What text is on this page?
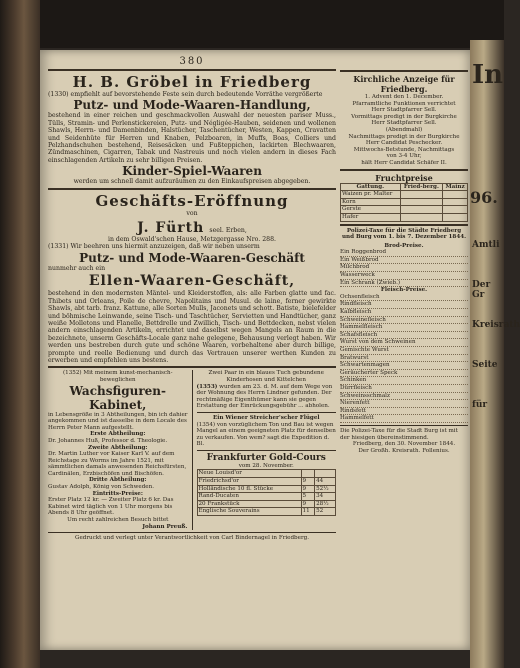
380
H. B. Gröbel in Friedberg
(1330) empfiehlt auf bevorstehende Feste sein durch bedeutende Vorräthe vergrößerte
Putz- und Mode-Waaren-Handlung,
bestehend in einer reichen und geschmackvollen Auswahl der neuesten pariser Muss., Tülls, Stramin- und Perlenstickereien, Putz- und Négligée-Hauben, seidenen und wollenen Shawls, Herrn- und Damenbinden, Halstücher, Taschentücher, Westen, Kappen, Cravatten und Seidenhüte für Herren und Knaben, Pelzboaren, in Muffs, Boas, Colliers und Pelzhandschuhen bestehend, Reisesäcken und Fußteppichen, lackirten Blechwaaren, Zündmaschinen, Cigarren, Tabak und Nastreuis und noch vielen andern in dieses Fach einschlagenden Artikeln zu sehr billigen Preisen.
Kinder-Spiel-Waaren
werden um schnell damit aufzuräumen zu den Einkaufspreisen abgegeben.
Geschäfts-Eröffnung
von
J. Fürth seel. Erben,
in dem Oswald'schen Hause, Metzgergasse Nro. 288.
(1331) Wir beehren uns hiermit anzuzeigen, daß wir neben unserm
Putz- und Mode-Waaren-Geschäft
nunmehr auch ein
Ellen-Waaren-Geschäft,
bestehend in den modernsten Mäntel- und Kleiderstoffen, als: alle Farben glatte und fac. Thibets und Orleans, Poile de chevre, Napolitains und Musul. de laine, ferner gewirkte Shawls, abt tarb. franz. Kattune, alle Sorten Mulls, Jaconets und schott. Batiste, bielefelder und böhmische Leinwande, seine Tisch- und Taschtücher, Servietten und Handtücher, ganz weiße Molletons und Flanelle, Bettdrelle und Zwillich, Tisch- und Bettdecken, nebst vielen andern einschlagenden Artikeln, errichtet und daselbst wegen Mangels an Raum in die bezeichnete, unserm Geschäfts-Locale ganz nahe gelegene, Behausung verlegt haben. Wir werden uns bestreben durch gute und schöne Waaren, vorbehaltene aber durch billige, prompte und reelle Bedienung und durch das Vertrauen unserer werthen Kunden zu erwerben und empfehlen uns bestens.
(1352) Mit meinem kunst-mechanisch-beweglichen
Wachsfiguren-Kabinet,
in Lebensgröße in 3 Abtheilungen, bin ich dahier angekommen und ist dasselbe in dem Locale des Herrn Peter Mann aufgestellt.
Erste Abtheilung:
Dr. Johannes Huß, Professor d. Theologie.
Zweite Abtheilung:
Dr. Martin Luther vor Kaiser Karl V. auf dem Reichstage zu Worms im Jahre 1521, mit sämmtlichen damals anwesenden Reichsfürsten, Cardinälen, Erzbischöfen und Bischöfen.
Dritte Abtheilung:
Gustav Adolph, König von Schweden.
Eintritts-Preise:
Erster Platz 12 kr. — Zweiter Platz 6 kr. Das Kabinet wird täglich von 1 Uhr morgens bis Abends 8 Uhr geöffnet.
Um recht zahlreichen Besuch bittet
Johann Preuß.
Zwei Paar in ein blaues Tuch gebundene Kinderhosen und Kittelchen
(1353) wurden am 23. d. M. auf dem Wege von der Wohnung des Herrn Lindner gefunden. Der rechtmäßige Eigenthümer kann sie gegen Erstattung der Einrückungsgebühr ... abholen.
Ein Wiener Streicher'scher Flügel
(1354) von vorzüglichem Ton und Bau ist wegen Mangel an einem geeigneten Platz für denselben zu verkaufen. Von wem? sagt die Expedition d. Bl.
Frankfurter Gold-Cours
vom 28. November.
Neue Louisd'or		
Friedrichsd'or	9	44
Holländische 10 fl. Stücke	9	52½
Rand-Ducaten	5	34
20 Frankstück	9	28½
Englische Souverains	11	52
Gedruckt und verlegt unter Verantwortlichkeit von Carl Bindernagel in Friedberg.
Kirchliche Anzeige für Friedberg.
1. Advent den 1. December.
Pfarramtliche Funktionen verrichtet
Herr Stadtpfarrer Sell.
Vormittags predigt in der Burgkirche
Herr Stadtpfarrer Sell.
(Abendmahl)
Nachmittags predigt in der Burgkirche
Herr Candidat Peschecker.
Mittwochs-Betstunde, Nachmittags
von 3-4 Uhr,
hält Herr Candidat Schäfer II.
Fruchtpreise
Gattung.	Fried-berg.	Mainz
Waizen pr. Malter		
Korn		
Gerste		
Hafer		
Polizei-Taxe für die Städte Friedberg und Burg vom 1. bis 7. Dezember 1844.
Brod-Preise.
Ein Roggenbrod
Ein Weißbrod
Milchbrod
Wasserweck
Ein Schrank (Zwieb.)
Fleisch-Preise.
Ochsenfleisch
Rindfleisch
Kalbfleisch
Schweinefleisch
Hammelfleisch
Schafsfleisch
Wurst von dem Schweinen
Gemischte Wurst
Bratwurst
Schwartenmagen
Geräucherter Speck
Schinken
Dürrfleisch
Schweinsschmalz
Nierenfett
Rindsfett
Hammelfett
Die Polizei-Taxe für die Stadt Burg ist mit der hiesigen übereinstimmend.
Friedberg, den 30. November 1844.
Der Großh. Kreisrath. Follenius.
In
96.
Amtli
Der Gr
Kreisrath
Seite
für
